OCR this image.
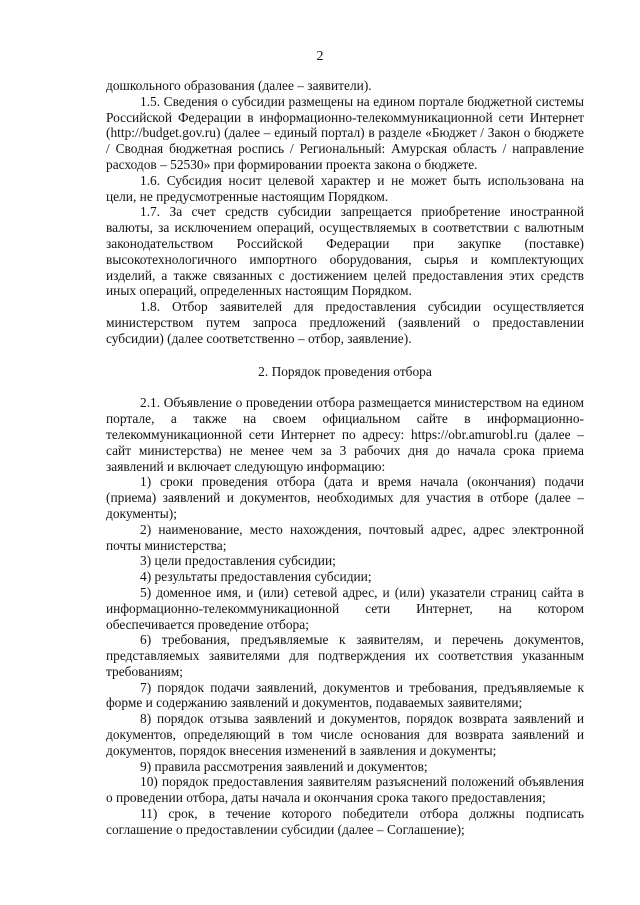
2

дошкольного образования (далее – заявители).

1.5. Сведения о субсидии размещены на едином портале бюджетной системы Российской Федерации в информационно-телекоммуникационной сети Интернет (http://budget.gov.ru) (далее – единый портал) в разделе «Бюджет / Закон о бюджете / Сводная бюджетная роспись / Региональный: Амурская область / направление расходов – 52530» при формировании проекта закона о бюджете.

1.6. Субсидия носит целевой характер и не может быть использована на цели, не предусмотренные настоящим Порядком.

1.7. За счет средств субсидии запрещается приобретение иностранной валюты, за исключением операций, осуществляемых в соответствии с валютным законодательством Российской Федерации при закупке (поставке) высокотехнологичного импортного оборудования, сырья и комплектующих изделий, а также связанных с достижением целей предоставления этих средств иных операций, определенных настоящим Порядком.

1.8. Отбор заявителей для предоставления субсидии осуществляется министерством путем запроса предложений (заявлений о предоставлении субсидии) (далее соответственно – отбор, заявление).

2. Порядок проведения отбора

2.1. Объявление о проведении отбора размещается министерством на едином портале, а также на своем официальном сайте в информационно-телекоммуникационной сети Интернет по адресу: https://obr.amurobl.ru (далее – сайт министерства) не менее чем за 3 рабочих дня до начала срока приема заявлений и включает следующую информацию:

1) сроки проведения отбора (дата и время начала (окончания) подачи (приема) заявлений и документов, необходимых для участия в отборе (далее – документы);

2) наименование, место нахождения, почтовый адрес, адрес электронной почты министерства;

3) цели предоставления субсидии;

4) результаты предоставления субсидии;

5) доменное имя, и (или) сетевой адрес, и (или) указатели страниц сайта в информационно-телекоммуникационной сети Интернет, на котором обеспечивается проведение отбора;

6) требования, предъявляемые к заявителям, и перечень документов, представляемых заявителями для подтверждения их соответствия указанным требованиям;

7) порядок подачи заявлений, документов и требования, предъявляемые к форме и содержанию заявлений и документов, подаваемых заявителями;

8) порядок отзыва заявлений и документов, порядок возврата заявлений и документов, определяющий в том числе основания для возврата заявлений и документов, порядок внесения изменений в заявления и документы;

9) правила рассмотрения заявлений и документов;

10) порядок предоставления заявителям разъяснений положений объявления о проведении отбора, даты начала и окончания срока такого предоставления;

11) срок, в течение которого победители отбора должны подписать соглашение о предоставлении субсидии (далее – Соглашение);
